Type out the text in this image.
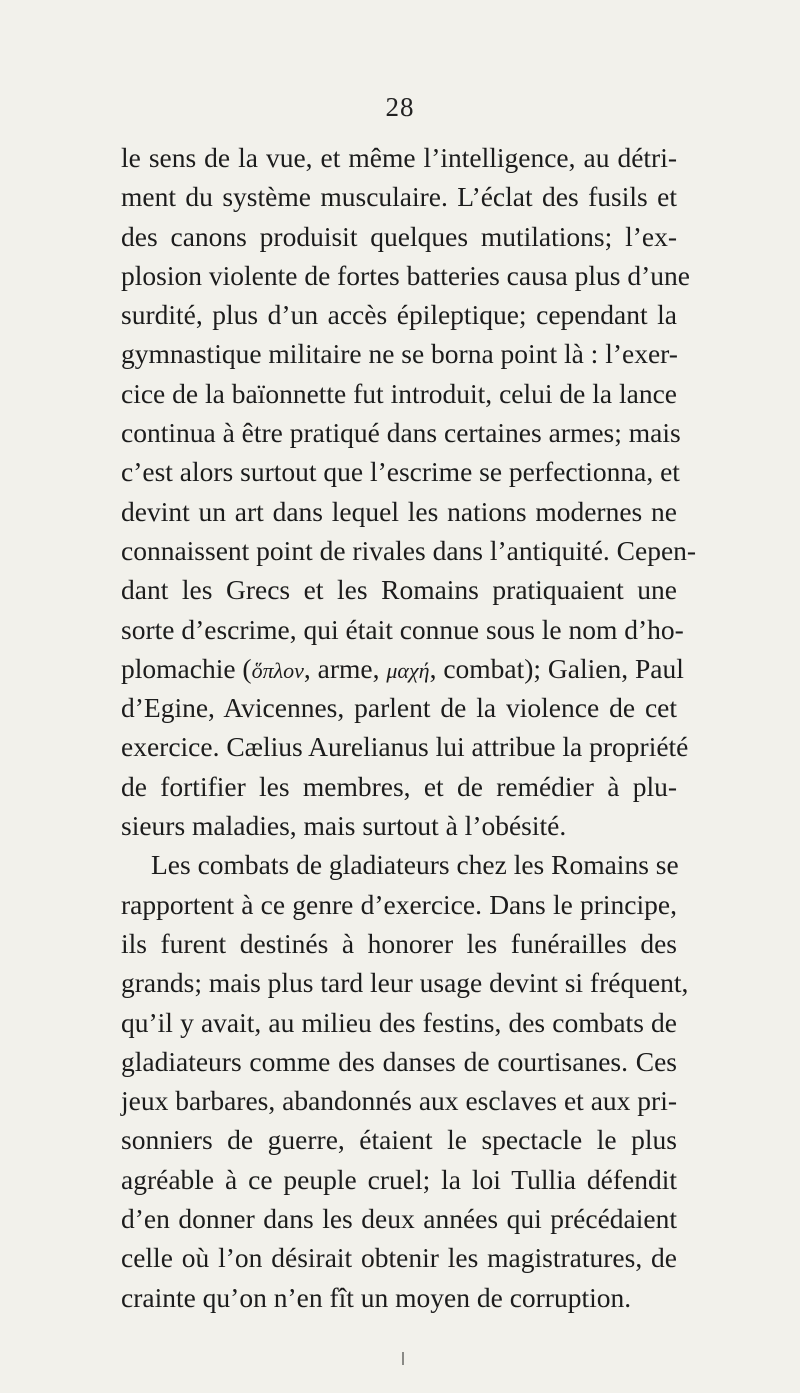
28
le sens de la vue, et même l’intelligence, au détri-
ment du système musculaire. L’éclat des fusils et
des canons produisit quelques mutilations; l’ex-
plosion violente de fortes batteries causa plus d’une
surdité, plus d’un accès épileptique; cependant la
gymnastique militaire ne se borna point là : l’exer-
cice de la baïonnette fut introduit, celui de la lance
continua à être pratiqué dans certaines armes; mais
c’est alors surtout que l’escrime se perfectionna, et
devint un art dans lequel les nations modernes ne
connaissent point de rivales dans l’antiquité. Cepen-
dant les Grecs et les Romains pratiquaient une
sorte d’escrime, qui était connue sous le nom d’ho-
plomachie (ὅπλον, arme, μαχή, combat); Galien, Paul
d’Egine, Avicennes, parlent de la violence de cet
exercice. Cælius Aurelianus lui attribue la propriété
de fortifier les membres, et de remédier à plu-
sieurs maladies, mais surtout à l’obésité.
Les combats de gladiateurs chez les Romains se
rapportent à ce genre d’exercice. Dans le principe,
ils furent destinés à honorer les funérailles des
grands; mais plus tard leur usage devint si fréquent,
qu’il y avait, au milieu des festins, des combats de
gladiateurs comme des danses de courtisanes. Ces
jeux barbares, abandonnés aux esclaves et aux pri-
sonniers de guerre, étaient le spectacle le plus
agréable à ce peuple cruel; la loi Tullia défendit
d’en donner dans les deux années qui précédaient
celle où l’on désirait obtenir les magistratures, de
crainte qu’on n’en fît un moyen de corruption.
